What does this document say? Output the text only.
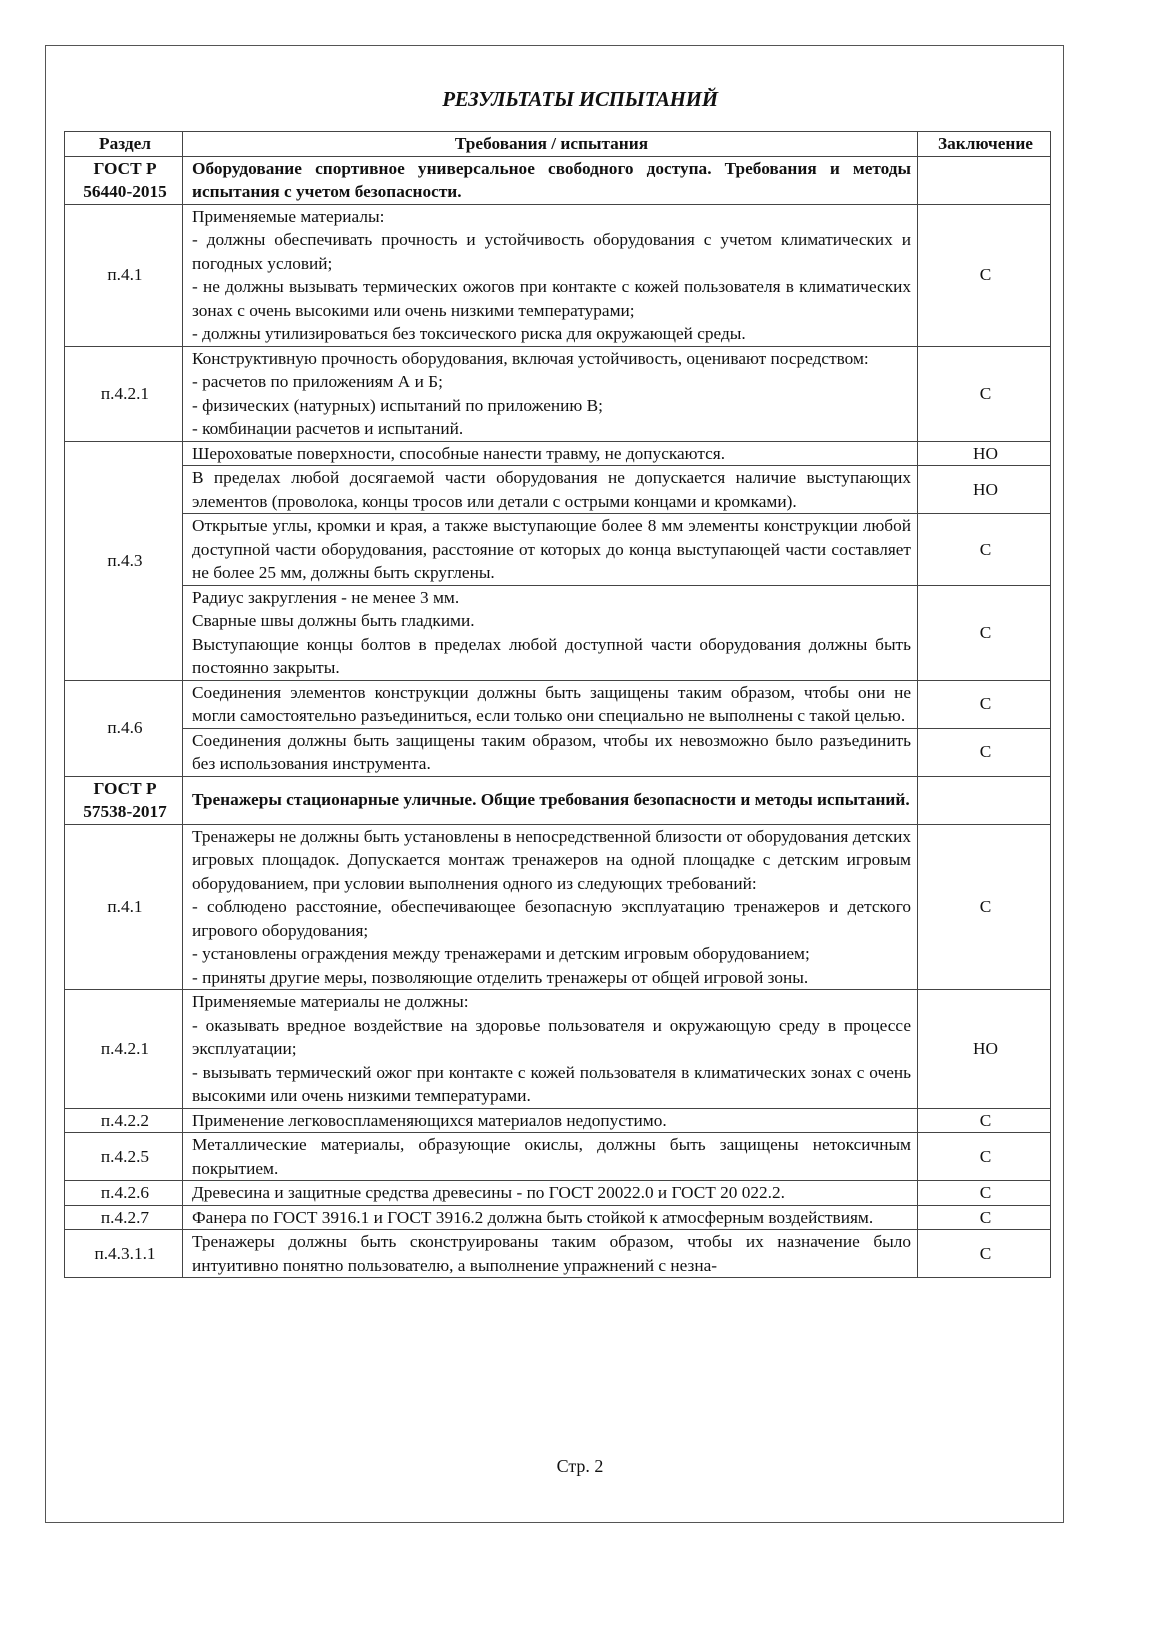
РЕЗУЛЬТАТЫ ИСПЫТАНИЙ
Раздел	Требования / испытания	Заключение

ГОСТ Р
56440-2015	Оборудование спортивное универсальное свободного доступа. Требования и методы испытания с учетом безопасности.	
п.4.1	Применяемые материалы:
- должны обеспечивать прочность и устойчивость оборудования с учетом климатических и погодных условий;
- не должны вызывать термических ожогов при контакте с кожей пользователя в климатических зонах с очень высокими или очень низкими температурами;
- должны утилизироваться без токсического риска для окружающей среды.	С
п.4.2.1	Конструктивную прочность оборудования, включая устойчивость, оценивают посредством:
- расчетов по приложениям А и Б;
- физических (натурных) испытаний по приложению В;
- комбинации расчетов и испытаний.	С
п.4.3	Шероховатые поверхности, способные нанести травму, не допускаются.	НО
	В пределах любой досягаемой части оборудования не допускается наличие выступающих элементов (проволока, концы тросов или детали с острыми концами и кромками).	НО
	Открытые углы, кромки и края, а также выступающие более 8 мм элементы конструкции любой доступной части оборудования, расстояние от которых до конца выступающей части составляет не более 25 мм, должны быть скруглены.	С

	Радиус закругления - не менее 3 мм.
Сварные швы должны быть гладкими.
Выступающие концы болтов в пределах любой доступной части оборудования должны быть постоянно закрыты.	С
п.4.6	Соединения элементов конструкции должны быть защищены таким образом, чтобы они не могли самостоятельно разъединиться, если только они специально не выполнены с такой целью.	С
	Соединения должны быть защищены таким образом, чтобы их невозможно было разъединить без использования инструмента.	С

ГОСТ Р
57538-2017	Тренажеры стационарные уличные. Общие требования безопасности и методы испытаний.	
п.4.1	Тренажеры не должны быть установлены в непосредственной близости от оборудования детских игровых площадок. Допускается монтаж тренажеров на одной площадке с детским игровым оборудованием, при условии выполнения одного из следующих требований:
- соблюдено расстояние, обеспечивающее безопасную эксплуатацию тренажеров и детского игрового оборудования;
- установлены ограждения между тренажерами и детским игровым оборудованием;
- приняты другие меры, позволяющие отделить тренажеры от общей игровой зоны.	С
п.4.2.1	Применяемые материалы не должны:
- оказывать вредное воздействие на здоровье пользователя и окружающую среду в процессе эксплуатации;
- вызывать термический ожог при контакте с кожей пользователя в климатических зонах с очень высокими или очень низкими температурами.	НО
п.4.2.2	Применение легковоспламеняющихся материалов недопустимо.	С
п.4.2.5	Металлические материалы, образующие окислы, должны быть защищены нетоксичным покрытием.	С
п.4.2.6	Древесина и защитные средства древесины - по ГОСТ 20022.0 и ГОСТ 20 022.2.	С
п.4.2.7	Фанера по ГОСТ 3916.1 и ГОСТ 3916.2 должна быть стойкой к атмосферным воздействиям.	С
п.4.3.1.1	Тренажеры должны быть сконструированы таким образом, чтобы их назначение было интуитивно понятно пользователю, а выполнение упражнений с незна-	С
Стр. 2
